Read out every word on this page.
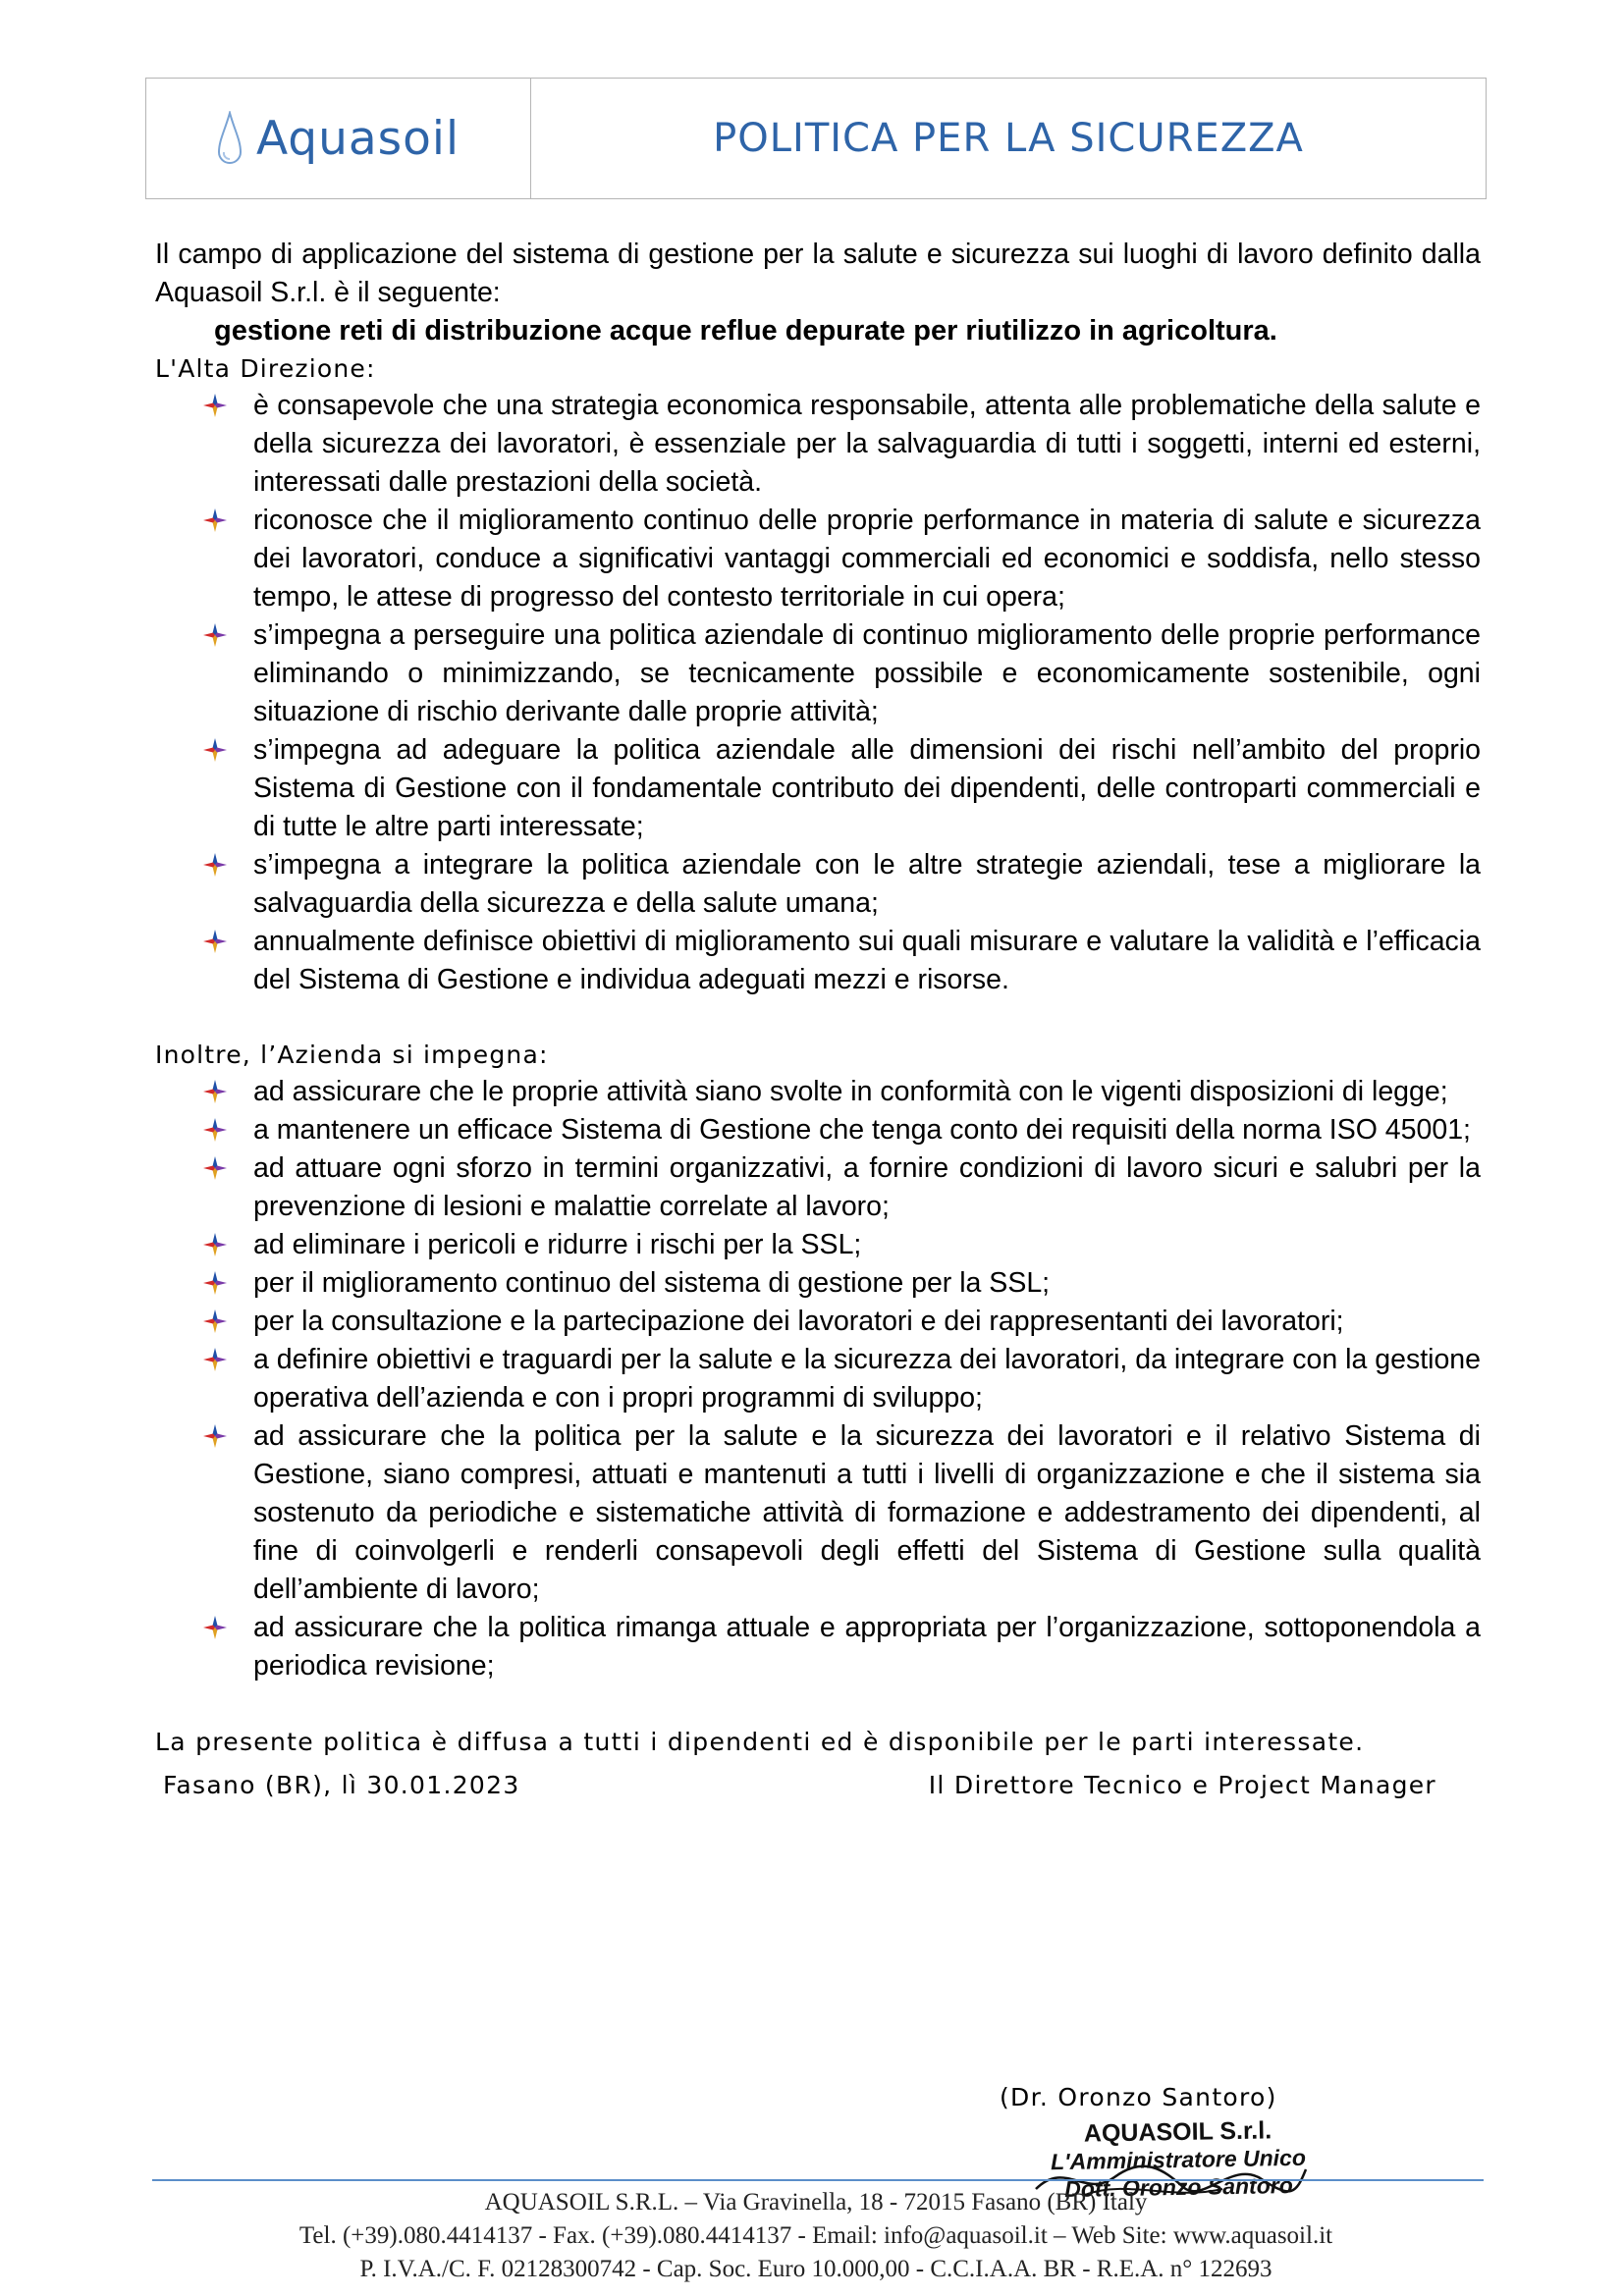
Aquasoil	POLITICA PER LA SICUREZZA

Il campo di applicazione del sistema di gestione per la salute e sicurezza sui luoghi di lavoro definito dalla Aquasoil S.r.l. è il seguente:

gestione reti di distribuzione acque reflue depurate per riutilizzo in agricoltura.

L'Alta Direzione:

è consapevole che una strategia economica responsabile, attenta alle problematiche della salute e della sicurezza dei lavoratori, è essenziale per la salvaguardia di tutti i soggetti, interni ed esterni, interessati dalle prestazioni della società.
riconosce che il miglioramento continuo delle proprie performance in materia di salute e sicurezza dei lavoratori, conduce a significativi vantaggi commerciali ed economici e soddisfa, nello stesso tempo, le attese di progresso del contesto territoriale in cui opera;
s’impegna a perseguire una politica aziendale di continuo miglioramento delle proprie performance eliminando o minimizzando, se tecnicamente possibile e economicamente sostenibile, ogni situazione di rischio derivante dalle proprie attività;
s’impegna ad adeguare la politica aziendale alle dimensioni dei rischi nell’ambito del proprio Sistema di Gestione con il fondamentale contributo dei dipendenti, delle controparti commerciali e di tutte le altre parti interessate;
s’impegna a integrare la politica aziendale con le altre strategie aziendali, tese a migliorare la salvaguardia della sicurezza e della salute umana;
annualmente definisce obiettivi di miglioramento sui quali misurare e valutare la validità e l’efficacia del Sistema di Gestione e individua adeguati mezzi e risorse.

Inoltre, l’Azienda si impegna:

ad assicurare che le proprie attività siano svolte in conformità con le vigenti disposizioni di legge;
a mantenere un efficace Sistema di Gestione che tenga conto dei requisiti della norma ISO 45001;
ad attuare ogni sforzo in termini organizzativi, a fornire condizioni di lavoro sicuri e salubri per la prevenzione di lesioni e malattie correlate al lavoro;
ad eliminare i pericoli e ridurre i rischi per la SSL;
per il miglioramento continuo del sistema di gestione per la SSL;
per la consultazione e la partecipazione dei lavoratori e dei rappresentanti dei lavoratori;
a definire obiettivi e traguardi per la salute e la sicurezza dei lavoratori, da integrare con la gestione operativa dell’azienda e con i propri programmi di sviluppo;
ad assicurare che la politica per la salute e la sicurezza dei lavoratori e il relativo Sistema di Gestione, siano compresi, attuati e mantenuti a tutti i livelli di organizzazione e che il sistema sia sostenuto da periodiche e sistematiche attività di formazione e addestramento dei dipendenti, al fine di coinvolgerli e renderli consapevoli degli effetti del Sistema di Gestione sulla qualità dell’ambiente di lavoro;
ad assicurare che la politica rimanga attuale e appropriata per l’organizzazione, sottoponendola a periodica revisione;

La presente politica è diffusa a tutti i dipendenti ed è disponibile per le parti interessate.

Fasano (BR), lì 30.01.2023	Il Direttore Tecnico e Project Manager
(Dr. Oronzo Santoro)
AQUASOIL S.r.l.
L'Amministratore Unico
Dott. Oronzo Santoro
AQUASOIL S.R.L. – Via Gravinella, 18 - 72015 Fasano (BR) Italy
Tel. (+39).080.4414137 - Fax. (+39).080.4414137 - Email: info@aquasoil.it – Web Site: www.aquasoil.it
P. I.V.A./C. F. 02128300742 - Cap. Soc. Euro 10.000,00 - C.C.I.A.A. BR - R.E.A. n° 122693
